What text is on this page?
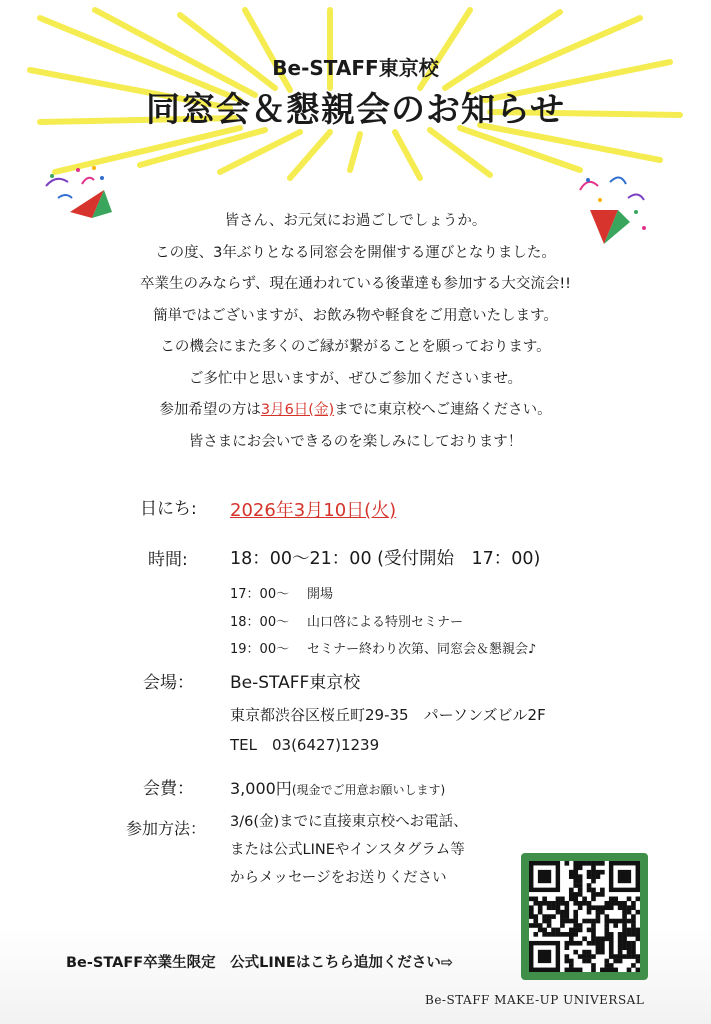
Be-STAFF東京校
同窓会＆懇親会のお知らせ

皆さん、お元気にお過ごしでしょうか。

この度、3年ぶりとなる同窓会を開催する運びとなりました。

卒業生のみならず、現在通われている後輩達も参加する大交流会!!

簡単ではございますが、お飲み物や軽食をご用意いたします。

この機会にまた多くのご縁が繋がることを願っております。

ご多忙中と思いますが、ぜひご参加くださいませ。

参加希望の方は3月6日(金)までに東京校へご連絡ください。

皆さまにお会いできるのを楽しみにしております！

日にち: 2026年3月10日(火)
時間: 18：00〜21：00 (受付開始　17：00)
17：00〜 開場
18：00〜 山口啓による特別セミナー
19：00〜 セミナー終わり次第、同窓会＆懇親会♪
会場： Be-STAFF東京校
東京都渋谷区桜丘町29-35　パーソンズビル2F
TEL　03(6427)1239
会費： 3,000円(現金でご用意お願いします)
参加方法： 3/6(金)までに直接東京校へお電話、
または公式LINEやインスタグラム等
からメッセージをお送りください
Be-STAFF卒業生限定　公式LINEはこちら追加ください⇨
Be-STAFF MAKE-UP UNIVERSAL
